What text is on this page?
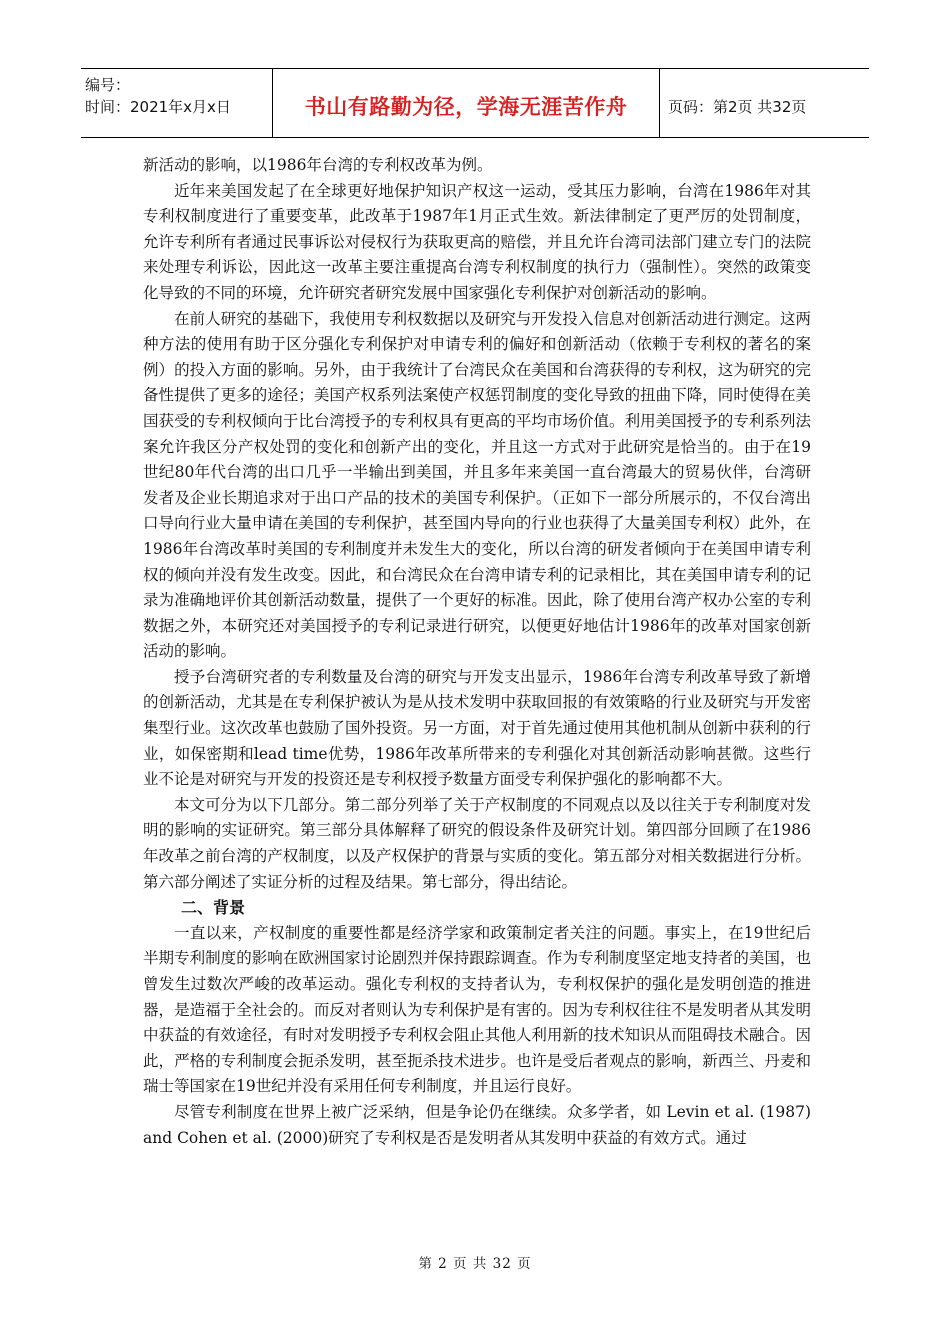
编号：
时间：2021年x月x日	书山有路勤为径，学海无涯苦作舟	页码：第2页 共32页

新活动的影响，以1986年台湾的专利权改革为例。

近年来美国发起了在全球更好地保护知识产权这一运动，受其压力影响，台湾在1986年对其专利权制度进行了重要变革，此改革于1987年1月正式生效。新法律制定了更严厉的处罚制度，允许专利所有者通过民事诉讼对侵权行为获取更高的赔偿，并且允许台湾司法部门建立专门的法院来处理专利诉讼，因此这一改革主要注重提高台湾专利权制度的执行力（强制性）。突然的政策变化导致的不同的环境，允许研究者研究发展中国家强化专利保护对创新活动的影响。

在前人研究的基础下，我使用专利权数据以及研究与开发投入信息对创新活动进行测定。这两种方法的使用有助于区分强化专利保护对申请专利的偏好和创新活动（依赖于专利权的著名的案例）的投入方面的影响。另外，由于我统计了台湾民众在美国和台湾获得的专利权，这为研究的完备性提供了更多的途径；美国产权系列法案使产权惩罚制度的变化导致的扭曲下降，同时使得在美国获受的专利权倾向于比台湾授予的专利权具有更高的平均市场价值。利用美国授予的专利系列法案允许我区分产权处罚的变化和创新产出的变化，并且这一方式对于此研究是恰当的。由于在19世纪80年代台湾的出口几乎一半输出到美国，并且多年来美国一直台湾最大的贸易伙伴，台湾研发者及企业长期追求对于出口产品的技术的美国专利保护。（正如下一部分所展示的，不仅台湾出口导向行业大量申请在美国的专利保护，甚至国内导向的行业也获得了大量美国专利权）此外，在1986年台湾改革时美国的专利制度并未发生大的变化，所以台湾的研发者倾向于在美国申请专利权的倾向并没有发生改变。因此，和台湾民众在台湾申请专利的记录相比，其在美国申请专利的记录为准确地评价其创新活动数量，提供了一个更好的标准。因此，除了使用台湾产权办公室的专利数据之外，本研究还对美国授予的专利记录进行研究，以便更好地估计1986年的改革对国家创新活动的影响。

授予台湾研究者的专利数量及台湾的研究与开发支出显示，1986年台湾专利改革导致了新增的创新活动，尤其是在专利保护被认为是从技术发明中获取回报的有效策略的行业及研究与开发密集型行业。这次改革也鼓励了国外投资。另一方面，对于首先通过使用其他机制从创新中获利的行业，如保密期和lead time优势，1986年改革所带来的专利强化对其创新活动影响甚微。这些行业不论是对研究与开发的投资还是专利权授予数量方面受专利保护强化的影响都不大。

本文可分为以下几部分。第二部分列举了关于产权制度的不同观点以及以往关于专利制度对发明的影响的实证研究。第三部分具体解释了研究的假设条件及研究计划。第四部分回顾了在1986年改革之前台湾的产权制度，以及产权保护的背景与实质的变化。第五部分对相关数据进行分析。第六部分阐述了实证分析的过程及结果。第七部分，得出结论。

二、背景

一直以来，产权制度的重要性都是经济学家和政策制定者关注的问题。事实上，在19世纪后半期专利制度的影响在欧洲国家讨论剧烈并保持跟踪调查。作为专利制度坚定地支持者的美国，也曾发生过数次严峻的改革运动。强化专利权的支持者认为，专利权保护的强化是发明创造的推进器，是造福于全社会的。而反对者则认为专利保护是有害的。因为专利权往往不是发明者从其发明中获益的有效途径，有时对发明授予专利权会阻止其他人利用新的技术知识从而阻碍技术融合。因此，严格的专利制度会扼杀发明，甚至扼杀技术进步。也许是受后者观点的影响，新西兰、丹麦和瑞士等国家在19世纪并没有采用任何专利制度，并且运行良好。

尽管专利制度在世界上被广泛采纳，但是争论仍在继续。众多学者，如 Levin et al. (1987) and Cohen et al. (2000)研究了专利权是否是发明者从其发明中获益的有效方式。通过

第 2 页 共 32 页
